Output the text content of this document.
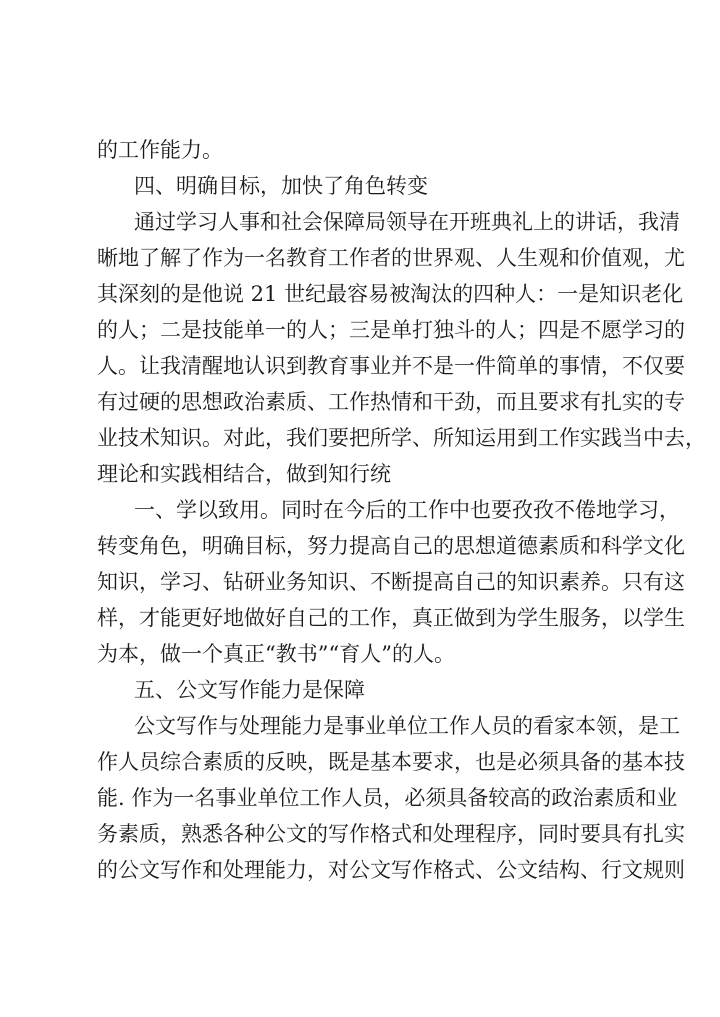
的工作能力。
四、明确目标，加快了角色转变
通过学习人事和社会保障局领导在开班典礼上的讲话，我清
晰地了解了作为一名教育工作者的世界观、人生观和价值观，尤
其深刻的是他说 21 世纪最容易被淘汰的四种人：一是知识老化
的人；二是技能单一的人；三是单打独斗的人；四是不愿学习的
人。让我清醒地认识到教育事业并不是一件简单的事情，不仅要
有过硬的思想政治素质、工作热情和干劲，而且要求有扎实的专
业技术知识。对此，我们要把所学、所知运用到工作实践当中去，
理论和实践相结合，做到知行统
一、学以致用。同时在今后的工作中也要孜孜不倦地学习，
转变角色，明确目标，努力提高自己的思想道德素质和科学文化
知识，学习、钻研业务知识、不断提高自己的知识素养。只有这
样，才能更好地做好自己的工作，真正做到为学生服务，以学生
为本，做一个真正“教书”“育人”的人。
五、公文写作能力是保障
公文写作与处理能力是事业单位工作人员的看家本领，是工
作人员综合素质的反映，既是基本要求，也是必须具备的基本技
能. 作为一名事业单位工作人员，必须具备较高的政治素质和业
务素质，熟悉各种公文的写作格式和处理程序，同时要具有扎实
的公文写作和处理能力，对公文写作格式、公文结构、行文规则
